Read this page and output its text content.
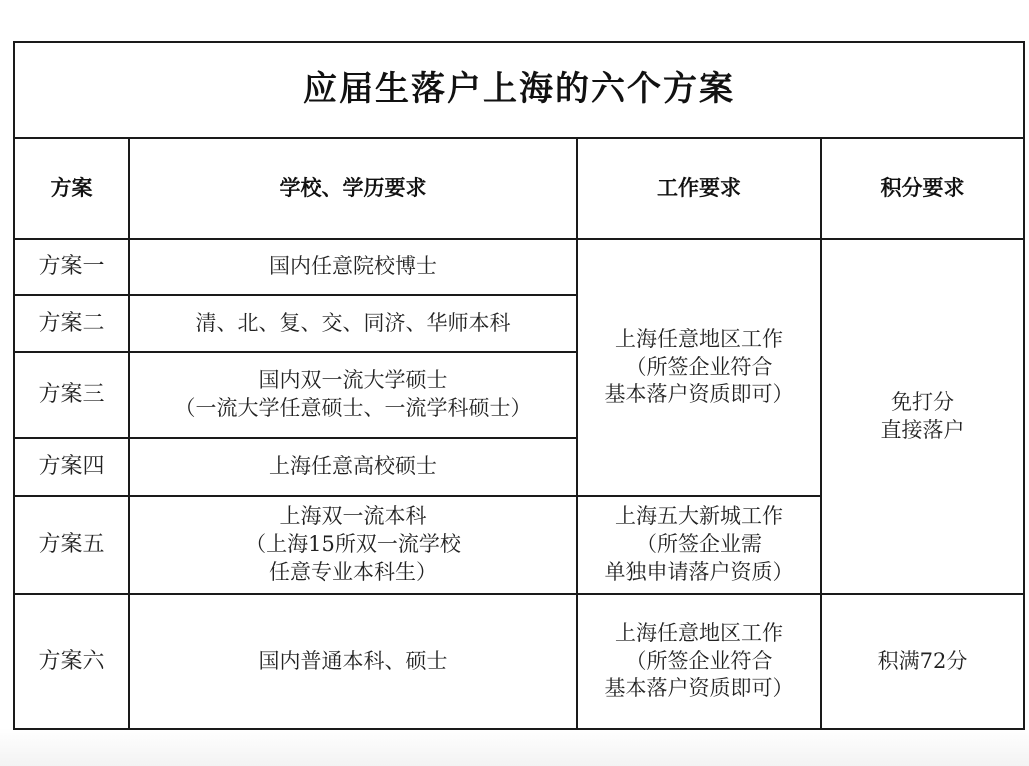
应届生落户上海的六个方案			
方案	学校、学历要求	工作要求	积分要求
方案一	国内任意院校博士	上海任意地区工作
（所签企业符合
基本落户资质即可）	免打分
直接落户
方案二	清、北、复、交、同济、华师本科		
方案三	国内双一流大学硕士
（一流大学任意硕士、一流学科硕士）		
方案四	上海任意高校硕士		
方案五	上海双一流本科
（上海15所双一流学校
任意专业本科生）	上海五大新城工作
（所签企业需
单独申请落户资质）	
方案六	国内普通本科、硕士	上海任意地区工作
（所签企业符合
基本落户资质即可）	积满72分
